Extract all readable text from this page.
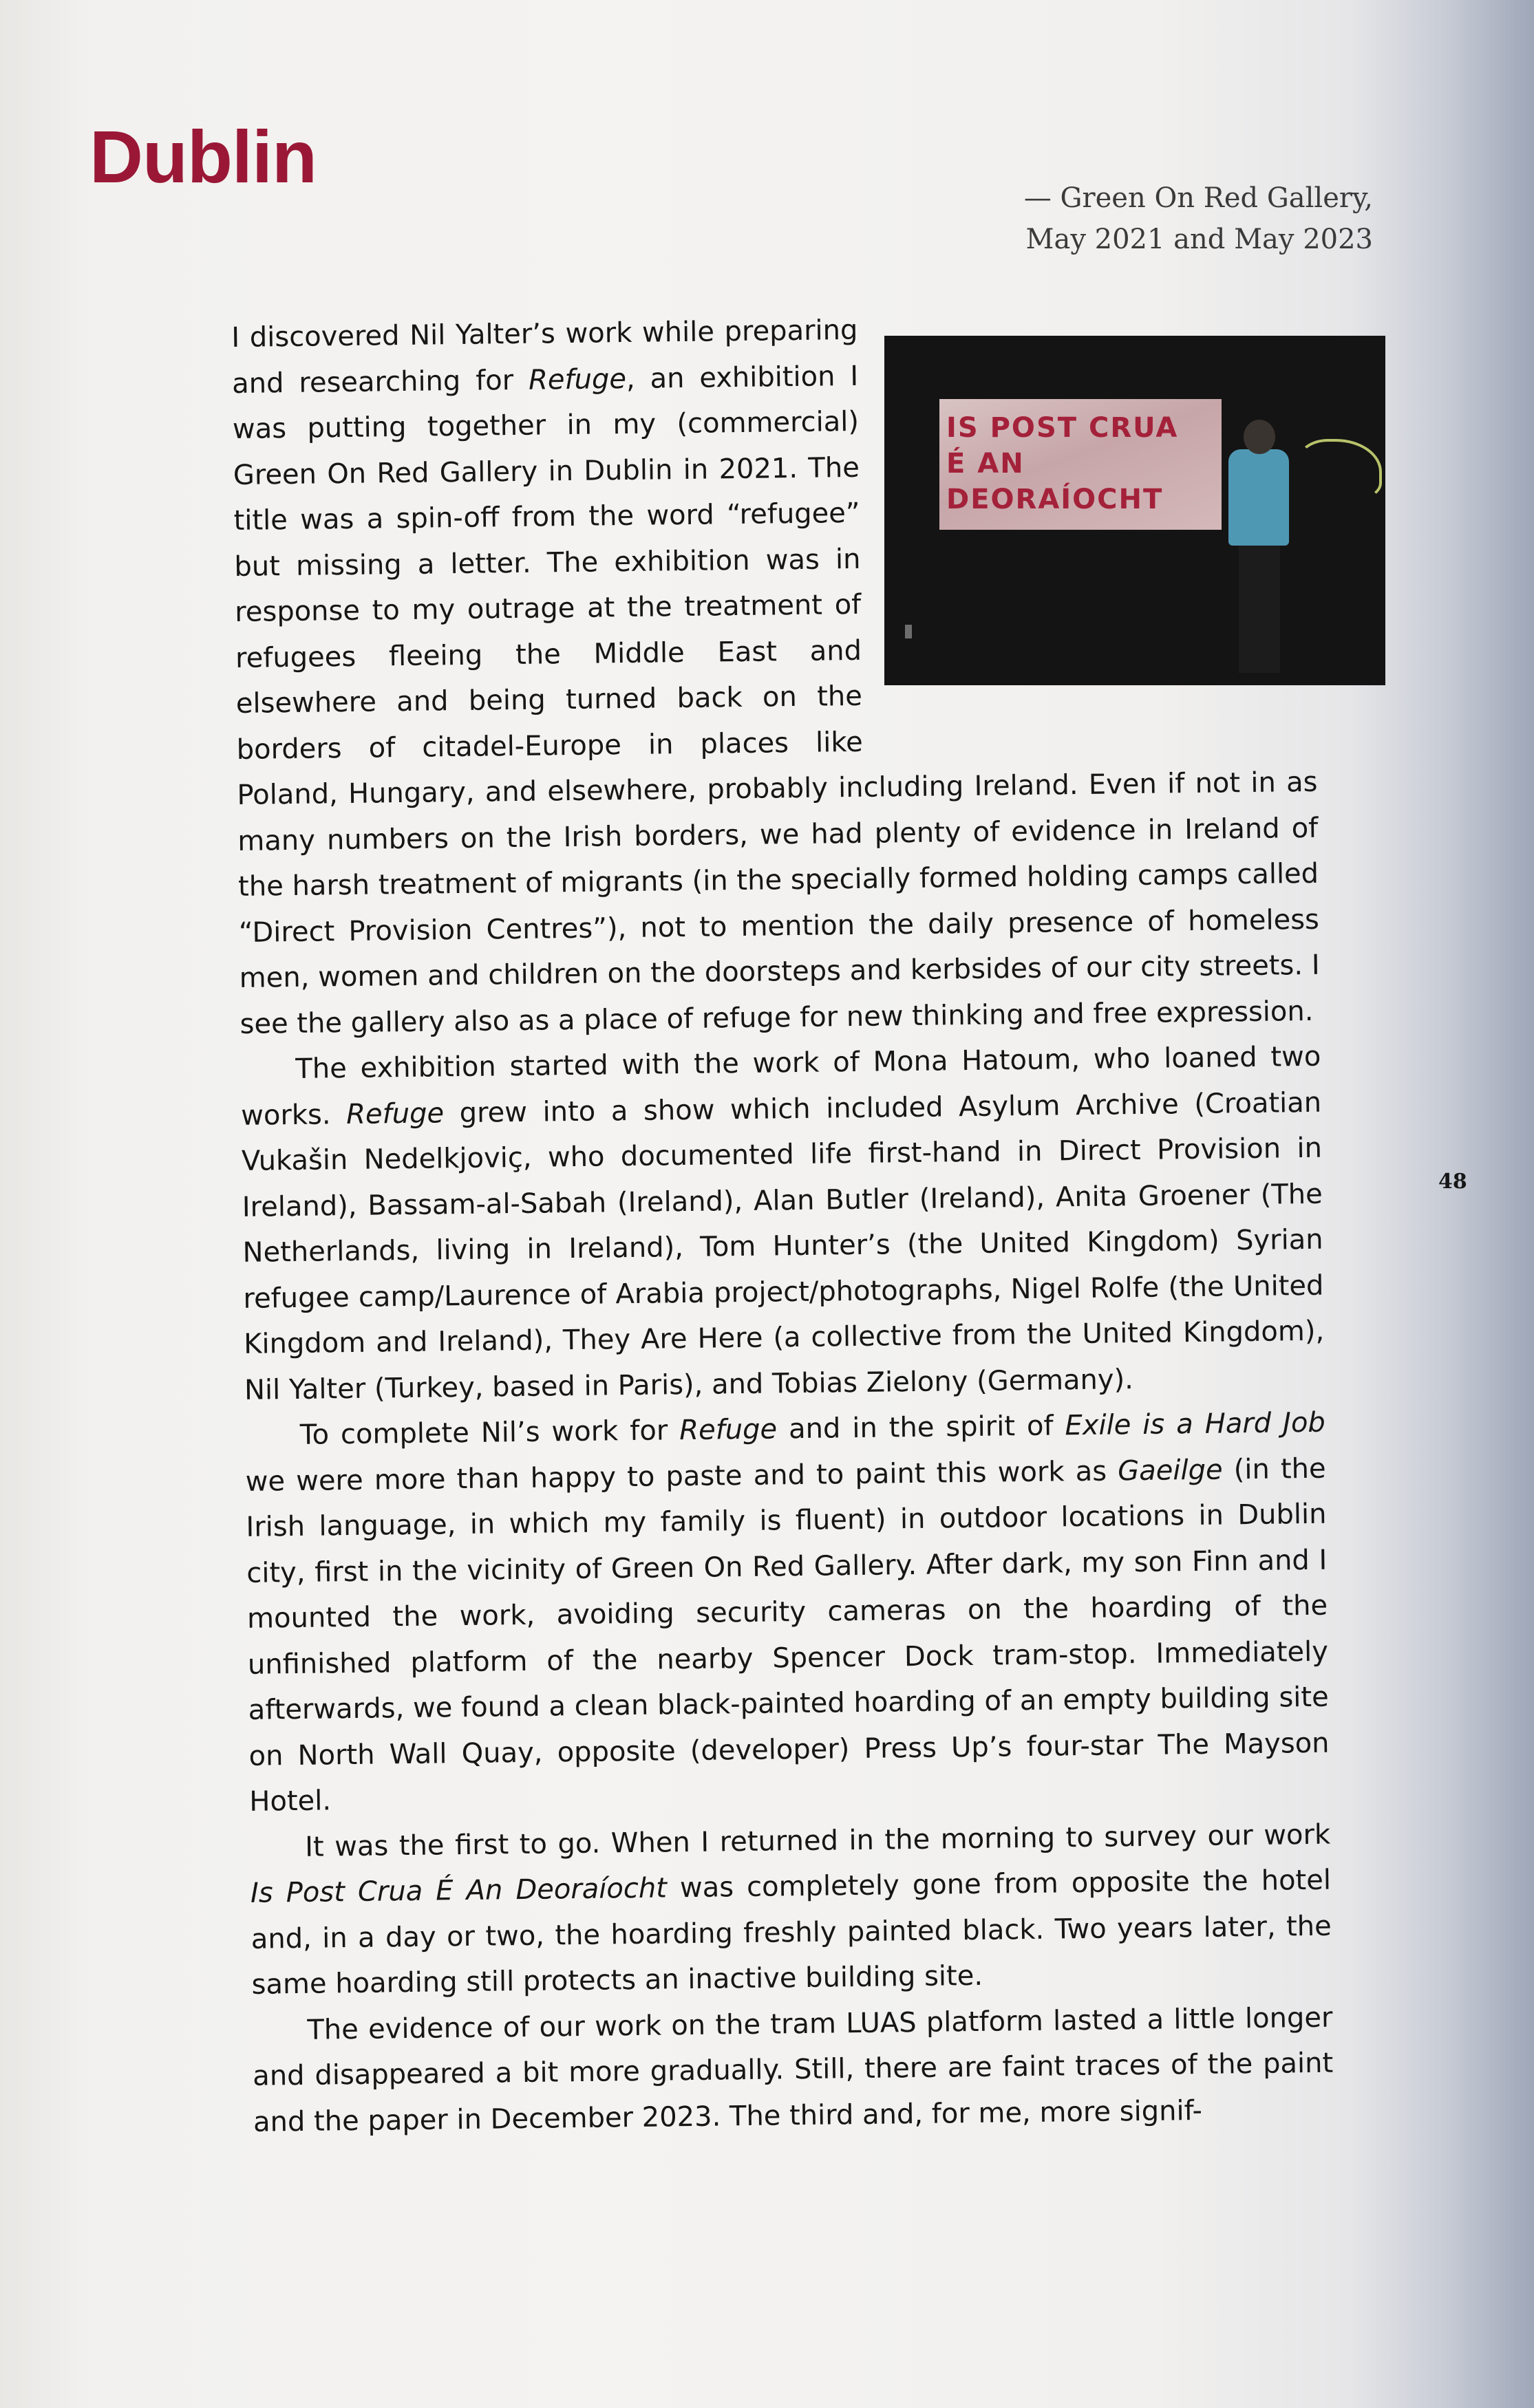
Dublin	— Green On Red Gallery,
May 2021 and May 2023
IS POST CRUA
É AN DEORAÍOCHT

I discovered Nil Yalter’s work while preparing and researching for Refuge, an exhibition I was putting together in my (commercial) Green On Red Gallery in Dublin in 2021. The title was a spin-off from the word “refugee” but missing a letter. The exhibition was in response to my outrage at the treatment of refugees fleeing the Middle East and elsewhere and being turned back on the borders of citadel-Europe in places like Poland, Hungary, and elsewhere, probably including Ireland. Even if not in as many numbers on the Irish borders, we had plenty of evidence in Ireland of the harsh treatment of migrants (in the specially formed holding camps called “Direct Provision Centres”), not to mention the daily presence of homeless men, women and children on the doorsteps and kerbsides of our city streets. I see the gallery also as a place of refuge for new thinking and free expression.

The exhibition started with the work of Mona Hatoum, who loaned two works. Refuge grew into a show which included Asylum Archive (Croatian Vukašin Nedelkjoviç, who documented life first-hand in Direct Provision in Ireland), Bassam-al-Sabah (Ireland), Alan Butler (Ireland), Anita Groener (The Netherlands, living in Ireland), Tom Hunter’s (the United Kingdom) Syrian refugee camp/Laurence of Arabia project/photographs, Nigel Rolfe (the United Kingdom and Ireland), They Are Here (a collective from the United Kingdom), Nil Yalter (Turkey, based in Paris), and Tobias Zielony (Germany).

To complete Nil’s work for Refuge and in the spirit of Exile is a Hard Job we were more than happy to paste and to paint this work as Gaeilge (in the Irish language, in which my family is fluent) in outdoor locations in Dublin city, first in the vicinity of Green On Red Gallery. After dark, my son Finn and I mounted the work, avoiding security cameras on the hoarding of the unfinished platform of the nearby Spencer Dock tram-stop. Immediately afterwards, we found a clean black-painted hoarding of an empty building site on North Wall Quay, opposite (developer) Press Up’s four-star The Mayson Hotel.

It was the first to go. When I returned in the morning to survey our work Is Post Crua É An Deoraíocht was completely gone from opposite the hotel and, in a day or two, the hoarding freshly painted black. Two years later, the same hoarding still protects an inactive building site.

The evidence of our work on the tram LUAS platform lasted a little longer and disappeared a bit more gradually. Still, there are faint traces of the paint and the paper in December 2023. The third and, for me, more signif-

48
